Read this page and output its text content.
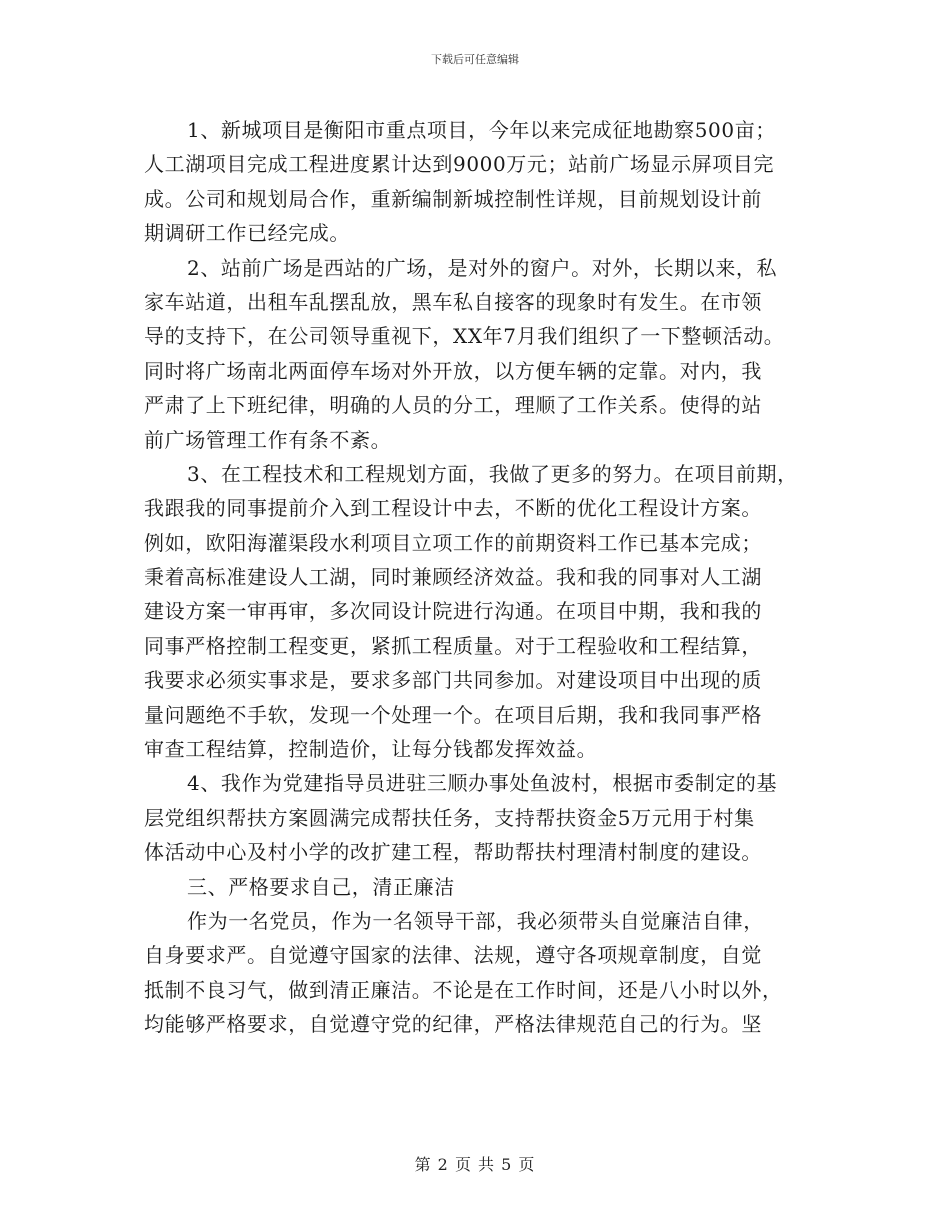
下载后可任意编辑
1、新城项目是衡阳市重点项目，今年以来完成征地勘察500亩；
人工湖项目完成工程进度累计达到9000万元；站前广场显示屏项目完
成。公司和规划局合作，重新编制新城控制性详规，目前规划设计前
期调研工作已经完成。
2、站前广场是西站的广场，是对外的窗户。对外，长期以来，私
家车站道，出租车乱摆乱放，黑车私自接客的现象时有发生。在市领
导的支持下，在公司领导重视下，XX年7月我们组织了一下整顿活动。
同时将广场南北两面停车场对外开放，以方便车辆的定靠。对内，我
严肃了上下班纪律，明确的人员的分工，理顺了工作关系。使得的站
前广场管理工作有条不紊。
3、在工程技术和工程规划方面，我做了更多的努力。在项目前期，
我跟我的同事提前介入到工程设计中去，不断的优化工程设计方案。
例如，欧阳海灌渠段水利项目立项工作的前期资料工作已基本完成；
秉着高标准建设人工湖，同时兼顾经济效益。我和我的同事对人工湖
建设方案一审再审，多次同设计院进行沟通。在项目中期，我和我的
同事严格控制工程变更，紧抓工程质量。对于工程验收和工程结算，
我要求必须实事求是，要求多部门共同参加。对建设项目中出现的质
量问题绝不手软，发现一个处理一个。在项目后期，我和我同事严格
审查工程结算，控制造价，让每分钱都发挥效益。
4、我作为党建指导员进驻三顺办事处鱼波村，根据市委制定的基
层党组织帮扶方案圆满完成帮扶任务，支持帮扶资金5万元用于村集
体活动中心及村小学的改扩建工程，帮助帮扶村理清村制度的建设。
三、严格要求自己，清正廉洁
作为一名党员，作为一名领导干部，我必须带头自觉廉洁自律，
自身要求严。自觉遵守国家的法律、法规，遵守各项规章制度，自觉
抵制不良习气，做到清正廉洁。不论是在工作时间，还是八小时以外，
均能够严格要求，自觉遵守党的纪律，严格法律规范自己的行为。坚
第 2 页 共 5 页
